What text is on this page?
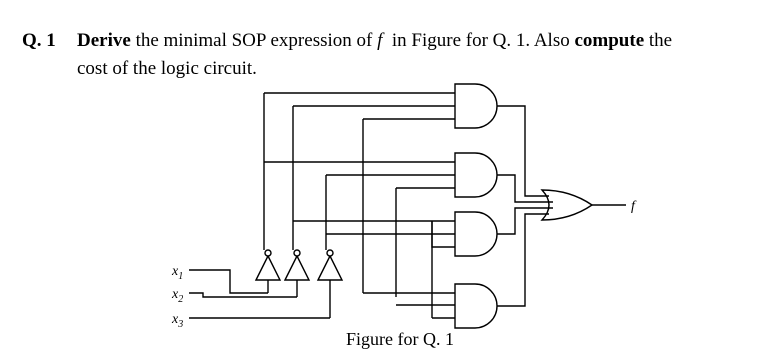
Q. 1 Derive the minimal SOP expression of f in Figure for Q. 1. Also compute the
cost of the logic circuit.
$x_1$
$x_2$
$x_3$
f
Figure for Q. 1
